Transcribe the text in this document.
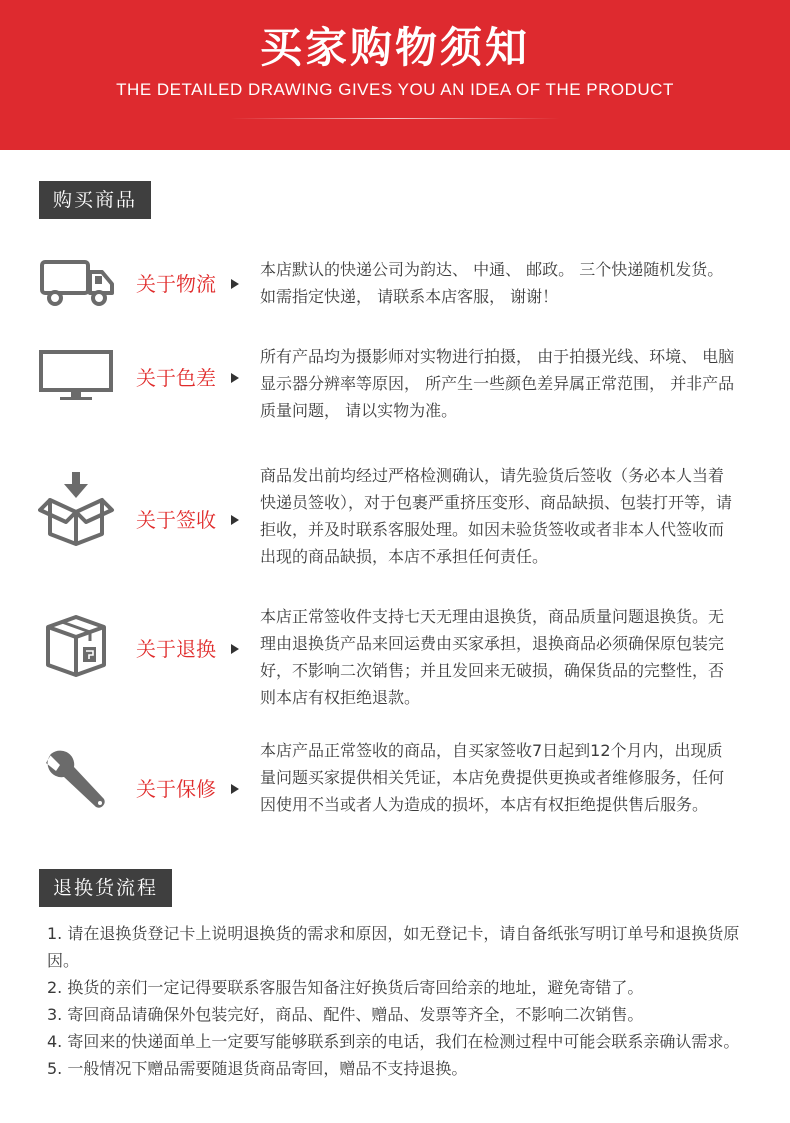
买家购物须知
THE DETAILED DRAWING GIVES YOU AN IDEA OF THE PRODUCT
购买商品
关于物流
本店默认的快递公司为韵达、 中通、 邮政。 三个快递随机发货。 如需指定快递， 请联系本店客服， 谢谢！
关于色差
所有产品均为摄影师对实物进行拍摄， 由于拍摄光线、环境、 电脑显示器分辨率等原因， 所产生一些颜色差异属正常范围， 并非产品质量问题， 请以实物为准。
关于签收
商品发出前均经过严格检测确认，请先验货后签收（务必本人当着快递员签收），对于包裹严重挤压变形、商品缺损、包装打开等，请拒收，并及时联系客服处理。如因未验货签收或者非本人代签收而出现的商品缺损，本店不承担任何责任。
关于退换
本店正常签收件支持七天无理由退换货，商品质量问题退换货。无理由退换货产品来回运费由买家承担，退换商品必须确保原包装完好，不影响二次销售；并且发回来无破损，确保货品的完整性，否则本店有权拒绝退款。
关于保修
本店产品正常签收的商品，自买家签收7日起到12个月内，出现质量问题买家提供相关凭证，本店免费提供更换或者维修服务，任何因使用不当或者人为造成的损坏，本店有权拒绝提供售后服务。
退换货流程
1. 请在退换货登记卡上说明退换货的需求和原因，如无登记卡，请自备纸张写明订单号和退换货原因。
2. 换货的亲们一定记得要联系客服告知备注好换货后寄回给亲的地址，避免寄错了。
3. 寄回商品请确保外包装完好，商品、配件、赠品、发票等齐全，不影响二次销售。
4. 寄回来的快递面单上一定要写能够联系到亲的电话，我们在检测过程中可能会联系亲确认需求。
5. 一般情况下赠品需要随退货商品寄回，赠品不支持退换。
